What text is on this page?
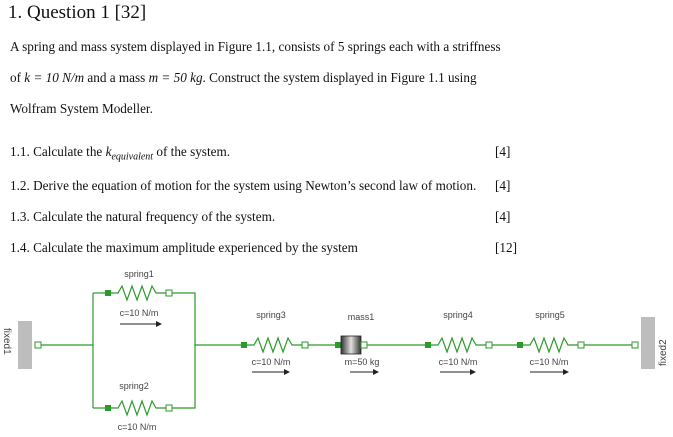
1. Question 1 [32]
A spring and mass system displayed in Figure 1.1, consists of 5 springs each with a striffness
of k = 10 N/m and a mass m = 50 kg. Construct the system displayed in Figure 1.1 using
Wolfram System Modeller.
1.1. Calculate the $k_{equivalent}$ of the system.	[4]
1.2. Derive the equation of motion for the system using Newton’s second law of motion. [4]
1.3. Calculate the natural frequency of the system.	[4]
1.4. Calculate the maximum amplitude experienced by the system	[12]
fixed1
spring1
c=10 N/m
spring2
c=10 N/m
spring3
c=10 N/m
mass1
m=50 kg
spring4
c=10 N/m
spring5
c=10 N/m	fixed2
